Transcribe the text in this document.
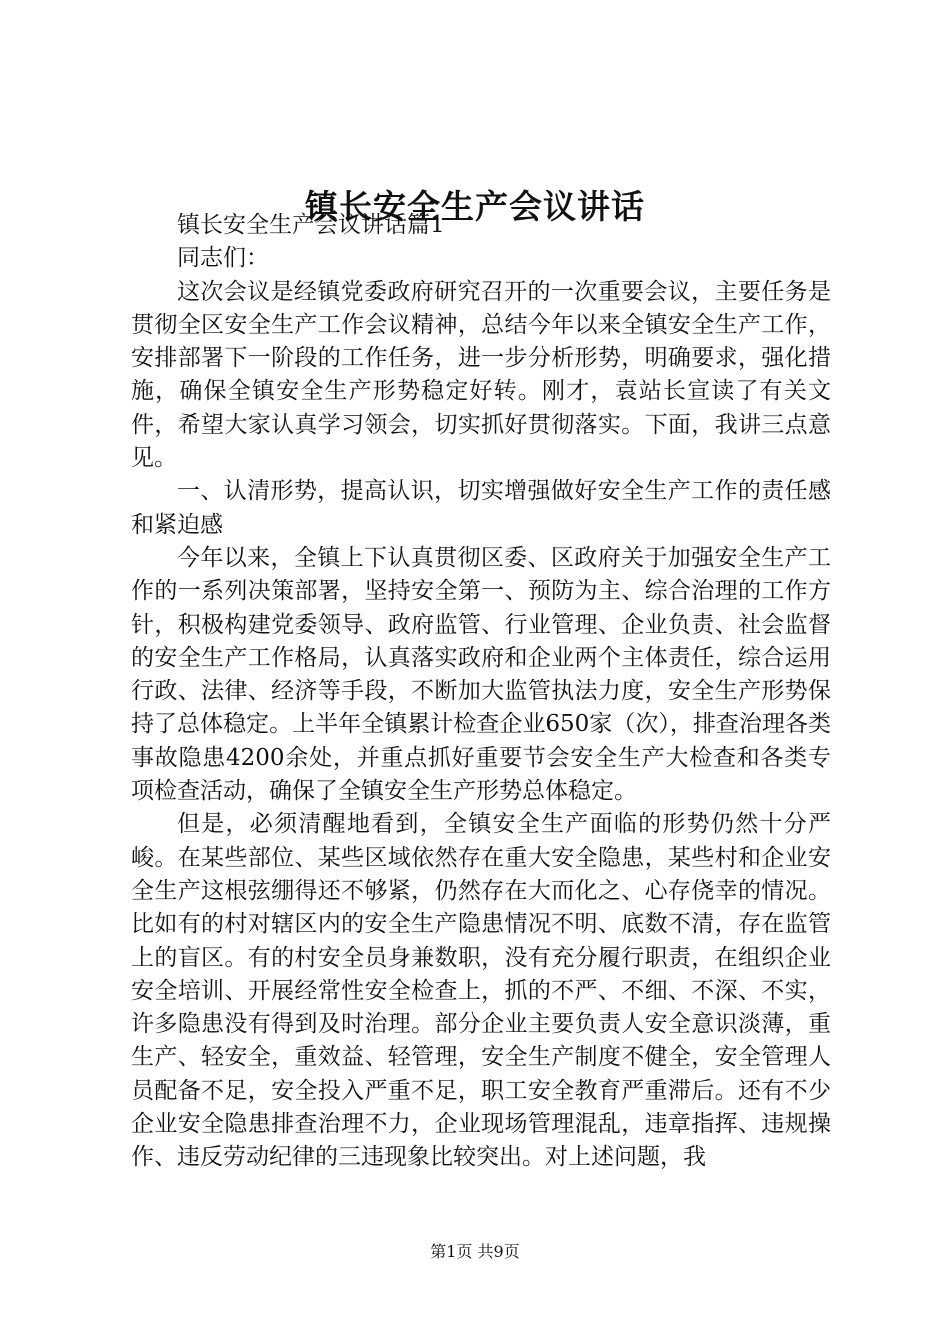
镇长安全生产会议讲话

镇长安全生产会议讲话篇1

同志们：

这次会议是经镇党委政府研究召开的一次重要会议，主要任务是贯彻全区安全生产工作会议精神，总结今年以来全镇安全生产工作，安排部署下一阶段的工作任务，进一步分析形势，明确要求，强化措施，确保全镇安全生产形势稳定好转。刚才，袁站长宣读了有关文件，希望大家认真学习领会，切实抓好贯彻落实。下面，我讲三点意见。

一、认清形势，提高认识，切实增强做好安全生产工作的责任感和紧迫感

今年以来，全镇上下认真贯彻区委、区政府关于加强安全生产工作的一系列决策部署，坚持安全第一、预防为主、综合治理的工作方针，积极构建党委领导、政府监管、行业管理、企业负责、社会监督的安全生产工作格局，认真落实政府和企业两个主体责任，综合运用行政、法律、经济等手段，不断加大监管执法力度，安全生产形势保持了总体稳定。上半年全镇累计检查企业650家（次），排查治理各类事故隐患4200余处，并重点抓好重要节会安全生产大检查和各类专项检查活动，确保了全镇安全生产形势总体稳定。

但是，必须清醒地看到，全镇安全生产面临的形势仍然十分严峻。在某些部位、某些区域依然存在重大安全隐患，某些村和企业安全生产这根弦绷得还不够紧，仍然存在大而化之、心存侥幸的情况。比如有的村对辖区内的安全生产隐患情况不明、底数不清，存在监管上的盲区。有的村安全员身兼数职，没有充分履行职责，在组织企业安全培训、开展经常性安全检查上，抓的不严、不细、不深、不实，许多隐患没有得到及时治理。部分企业主要负责人安全意识淡薄，重生产、轻安全，重效益、轻管理，安全生产制度不健全，安全管理人员配备不足，安全投入严重不足，职工安全教育严重滞后。还有不少企业安全隐患排查治理不力，企业现场管理混乱，违章指挥、违规操作、违反劳动纪律的三违现象比较突出。对上述问题，我

第1页 共9页
